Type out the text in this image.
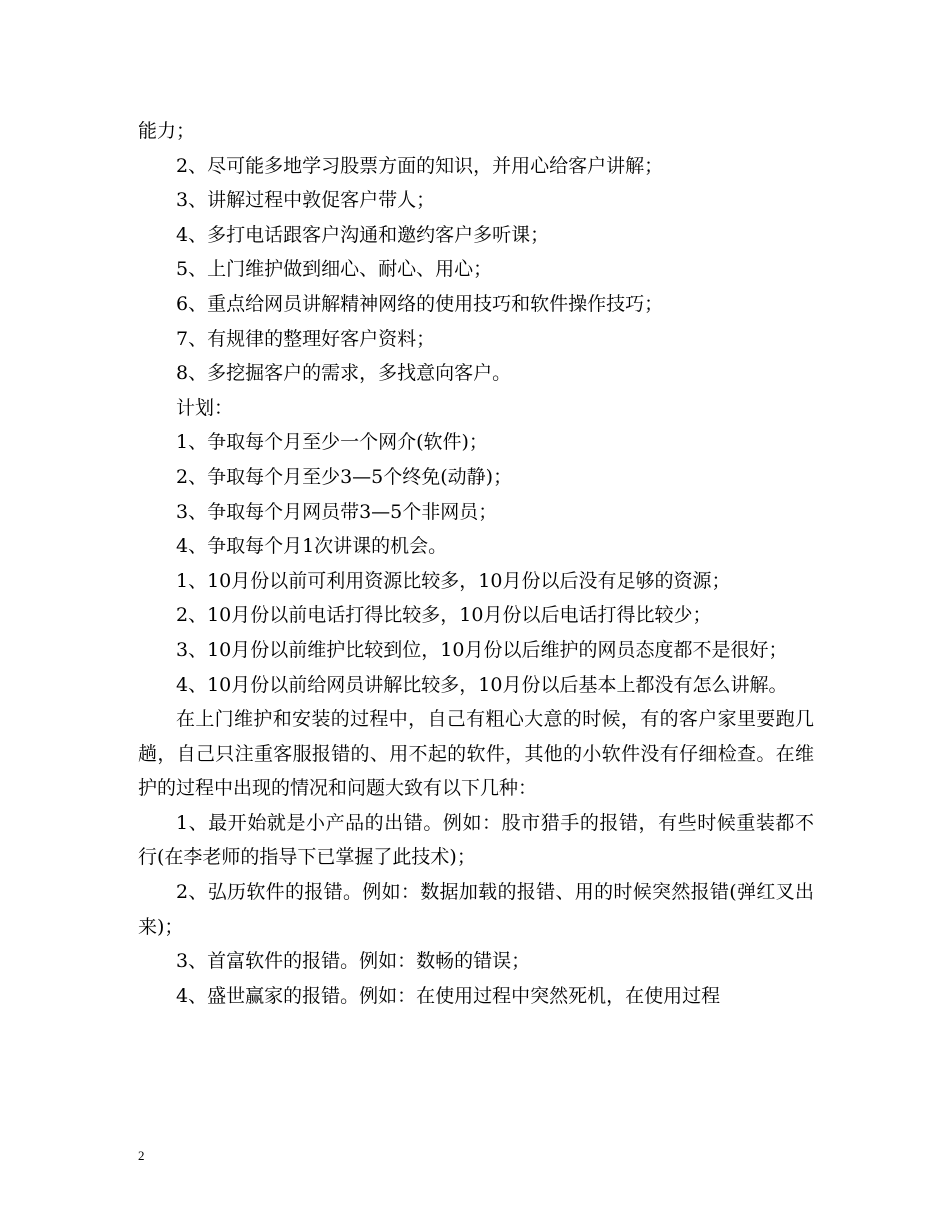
能力；

2、尽可能多地学习股票方面的知识，并用心给客户讲解；

3、讲解过程中敦促客户带人；

4、多打电话跟客户沟通和邀约客户多听课；

5、上门维护做到细心、耐心、用心；

6、重点给网员讲解精神网络的使用技巧和软件操作技巧；

7、有规律的整理好客户资料；

8、多挖掘客户的需求，多找意向客户。

计划：

1、争取每个月至少一个网介(软件)；

2、争取每个月至少3—5个终免(动静)；

3、争取每个月网员带3—5个非网员；

4、争取每个月1次讲课的机会。

1、10月份以前可利用资源比较多，10月份以后没有足够的资源；

2、10月份以前电话打得比较多，10月份以后电话打得比较少；

3、10月份以前维护比较到位，10月份以后维护的网员态度都不是很好；

4、10月份以前给网员讲解比较多，10月份以后基本上都没有怎么讲解。

在上门维护和安装的过程中，自己有粗心大意的时候，有的客户家里要跑几趟，自己只注重客服报错的、用不起的软件，其他的小软件没有仔细检查。在维护的过程中出现的情况和问题大致有以下几种：

1、最开始就是小产品的出错。例如：股市猎手的报错，有些时候重装都不行(在李老师的指导下已掌握了此技术)；

2、弘历软件的报错。例如：数据加载的报错、用的时候突然报错(弹红叉出来)；

3、首富软件的报错。例如：数畅的错误；

4、盛世赢家的报错。例如：在使用过程中突然死机，在使用过程

2
